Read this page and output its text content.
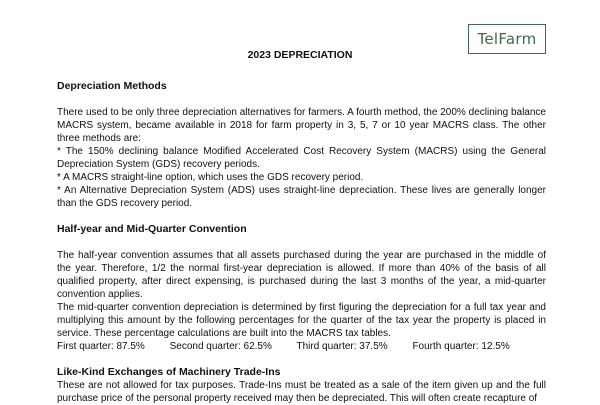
TelFarm
2023 DEPRECIATION

Depreciation Methods

There used to be only three depreciation alternatives for farmers. A fourth method, the 200% declining balance MACRS system, became available in 2018 for farm property in 3, 5, 7 or 10 year MACRS class. The other three methods are:

* The 150% declining balance Modified Accelerated Cost Recovery System (MACRS) using the General Depreciation System (GDS) recovery periods.

* A MACRS straight-line option, which uses the GDS recovery period.

* An Alternative Depreciation System (ADS) uses straight-line depreciation. These lives are generally longer than the GDS recovery period.

Half-year and Mid-Quarter Convention

The half-year convention assumes that all assets purchased during the year are purchased in the middle of the year. Therefore, 1/2 the normal first-year depreciation is allowed. If more than 40% of the basis of all qualified property, after direct expensing, is purchased during the last 3 months of the year, a mid-quarter convention applies.

The mid-quarter convention depreciation is determined by first figuring the depreciation for a full tax year and multiplying this amount by the following percentages for the quarter of the tax year the property is placed in service. These percentage calculations are built into the MACRS tax tables.

First quarter: 87.5% Second quarter: 62.5% Third quarter: 37.5% Fourth quarter: 12.5%

Like-Kind Exchanges of Machinery Trade-Ins

These are not allowed for tax purposes. Trade-Ins must be treated as a sale of the item given up and the full purchase price of the personal property received may then be depreciated. This will often create recapture of
